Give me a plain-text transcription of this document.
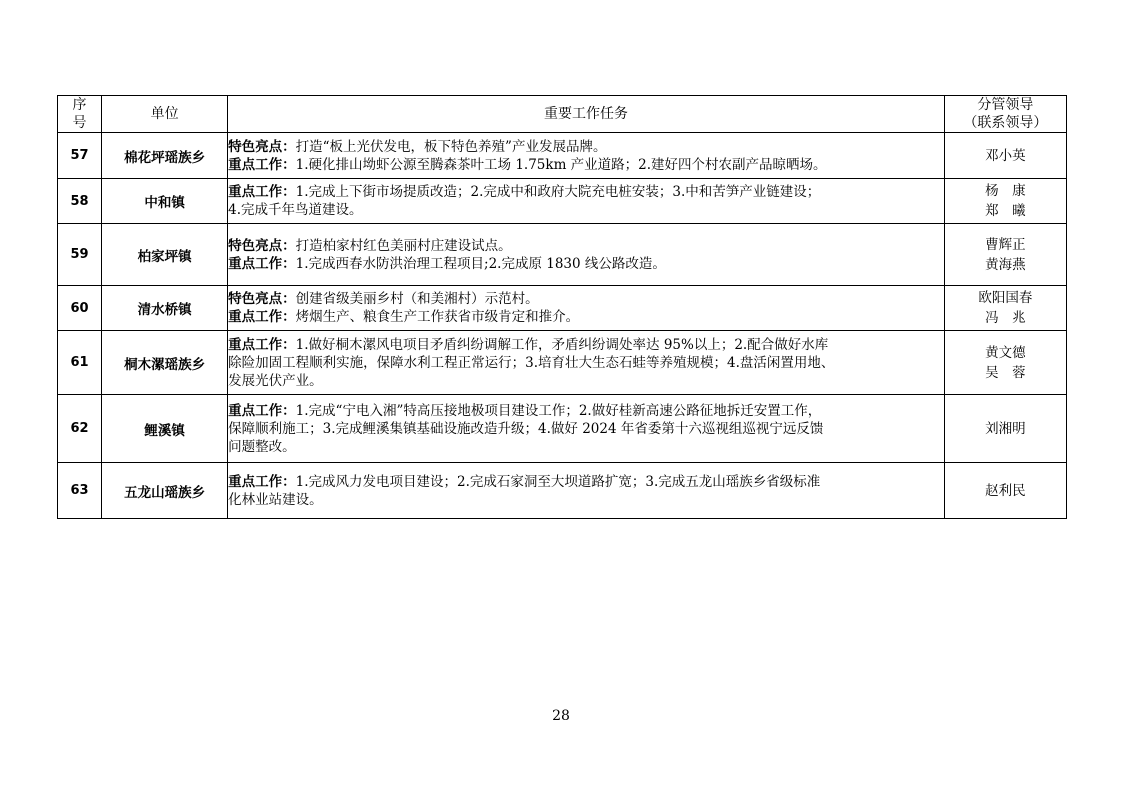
序
号	单位	重要工作任务	分管领导
（联系领导）

57	棉花坪瑶族乡	特色亮点：打造“板上光伏发电，板下特色养殖”产业发展品牌。
重点工作：1.硬化排山坳虾公源至腾森茶叶工场 1.75km 产业道路；2.建好四个村农副产品晾晒场。	邓小英

58	中和镇	重点工作：1.完成上下街市场提质改造；2.完成中和政府大院充电桩安装；3.中和苦笋产业链建设；
4.完成千年鸟道建设。	杨　康
郑　曦

59	柏家坪镇	特色亮点：打造柏家村红色美丽村庄建设试点。
重点工作：1.完成西春水防洪治理工程项目;2.完成原 1830 线公路改造。	曹辉正
黄海燕

60	清水桥镇	特色亮点：创建省级美丽乡村（和美湘村）示范村。
重点工作：烤烟生产、粮食生产工作获省市级肯定和推介。	欧阳国春
冯　兆

61	桐木漯瑶族乡	重点工作：1.做好桐木漯风电项目矛盾纠纷调解工作，矛盾纠纷调处率达 95%以上；2.配合做好水库
除险加固工程顺利实施，保障水利工程正常运行；3.培育壮大生态石蛙等养殖规模；4.盘活闲置用地、
发展光伏产业。	黄文德
吴　蓉

62	鲤溪镇	重点工作：1.完成“宁电入湘”特高压接地极项目建设工作；2.做好桂新高速公路征地拆迁安置工作，
保障顺利施工；3.完成鲤溪集镇基础设施改造升级；4.做好 2024 年省委第十六巡视组巡视宁远反馈
问题整改。	刘湘明

63	五龙山瑶族乡	重点工作：1.完成风力发电项目建设；2.完成石家洞至大坝道路扩宽；3.完成五龙山瑶族乡省级标准
化林业站建设。	赵利民
28
